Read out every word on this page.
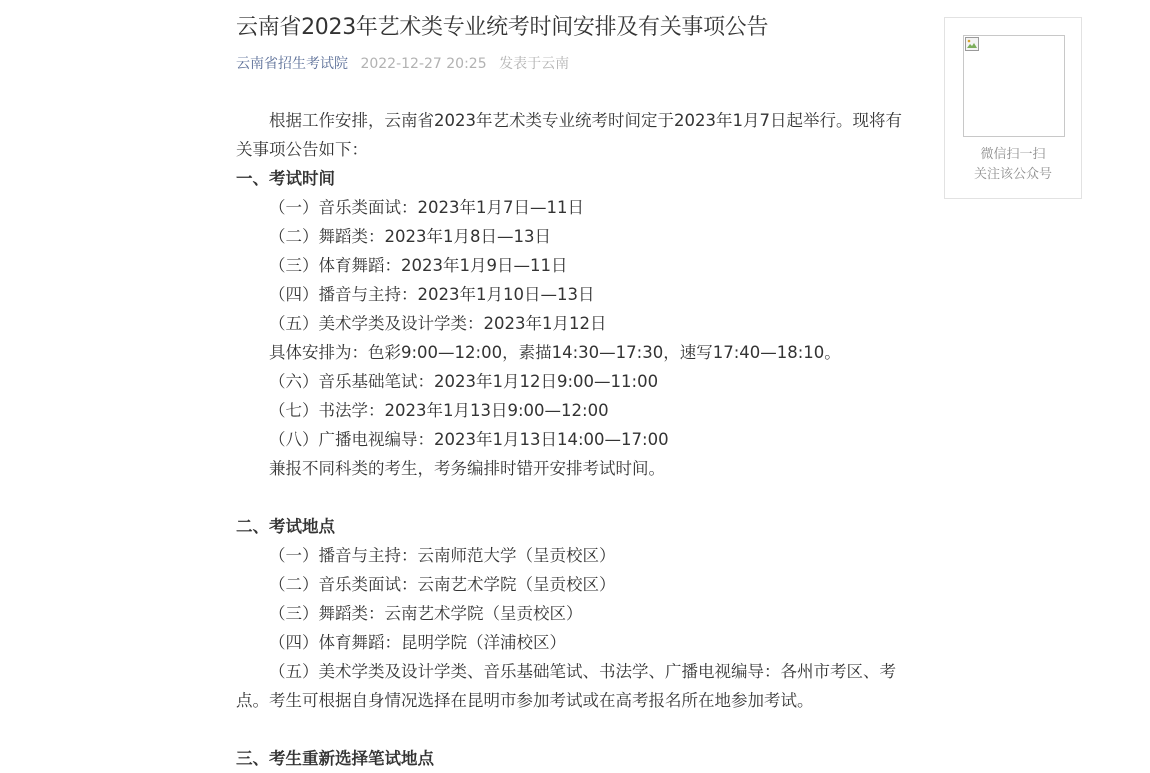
云南省2023年艺术类专业统考时间安排及有关事项公告
云南省招生考试院 2022-12-27 20:25 发表于云南

根据工作安排，云南省2023年艺术类专业统考时间定于2023年1月7日起举行。现将有关事项公告如下：

一、考试时间

（一）音乐类面试：2023年1月7日—11日

（二）舞蹈类：2023年1月8日—13日

（三）体育舞蹈：2023年1月9日—11日

（四）播音与主持：2023年1月10日—13日

（五）美术学类及设计学类：2023年1月12日

具体安排为：色彩9:00—12:00，素描14:30—17:30，速写17:40—18:10。

（六）音乐基础笔试：2023年1月12日9:00—11:00

（七）书法学：2023年1月13日9:00—12:00

（八）广播电视编导：2023年1月13日14:00—17:00

兼报不同科类的考生，考务编排时错开安排考试时间。

二、考试地点

（一）播音与主持：云南师范大学（呈贡校区）

（二）音乐类面试：云南艺术学院（呈贡校区）

（三）舞蹈类：云南艺术学院（呈贡校区）

（四）体育舞蹈：昆明学院（洋浦校区）

（五）美术学类及设计学类、音乐基础笔试、书法学、广播电视编导：各州市考区、考点。考生可根据自身情况选择在昆明市参加考试或在高考报名所在地参加考试。

三、考生重新选择笔试地点

微信扫一扫
关注该公众号
